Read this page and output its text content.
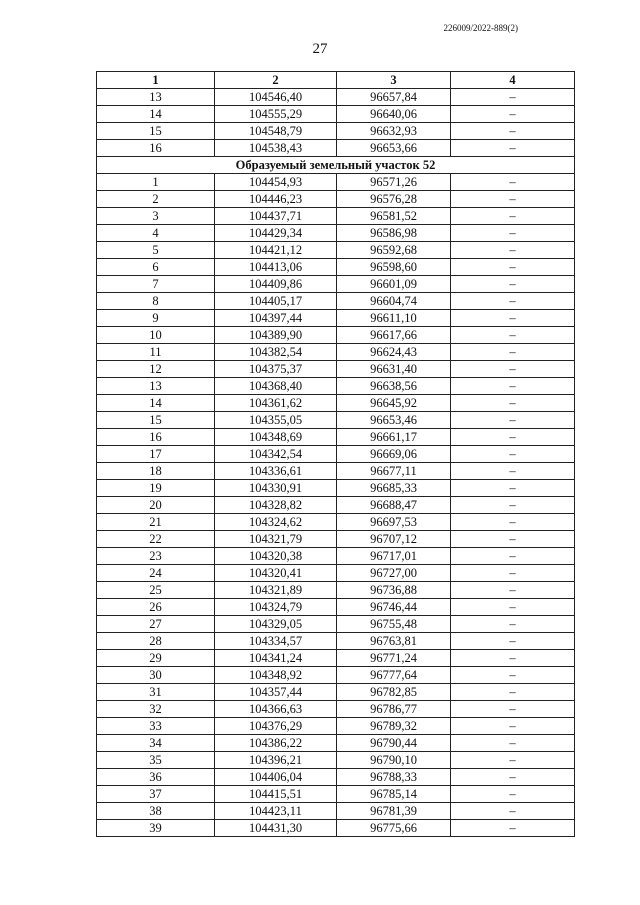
226009/2022-889(2)
27
1	2	3	4
13	104546,40	96657,84	–
14	104555,29	96640,06	–
15	104548,79	96632,93	–
16	104538,43	96653,66	–
Образуемый земельный участок 52			
1	104454,93	96571,26	–
2	104446,23	96576,28	–
3	104437,71	96581,52	–
4	104429,34	96586,98	–
5	104421,12	96592,68	–
6	104413,06	96598,60	–
7	104409,86	96601,09	–
8	104405,17	96604,74	–
9	104397,44	96611,10	–
10	104389,90	96617,66	–
11	104382,54	96624,43	–
12	104375,37	96631,40	–
13	104368,40	96638,56	–
14	104361,62	96645,92	–
15	104355,05	96653,46	–
16	104348,69	96661,17	–
17	104342,54	96669,06	–
18	104336,61	96677,11	–
19	104330,91	96685,33	–
20	104328,82	96688,47	–
21	104324,62	96697,53	–
22	104321,79	96707,12	–
23	104320,38	96717,01	–
24	104320,41	96727,00	–
25	104321,89	96736,88	–
26	104324,79	96746,44	–
27	104329,05	96755,48	–
28	104334,57	96763,81	–
29	104341,24	96771,24	–
30	104348,92	96777,64	–
31	104357,44	96782,85	–
32	104366,63	96786,77	–
33	104376,29	96789,32	–
34	104386,22	96790,44	–
35	104396,21	96790,10	–
36	104406,04	96788,33	–
37	104415,51	96785,14	–
38	104423,11	96781,39	–
39	104431,30	96775,66	–
